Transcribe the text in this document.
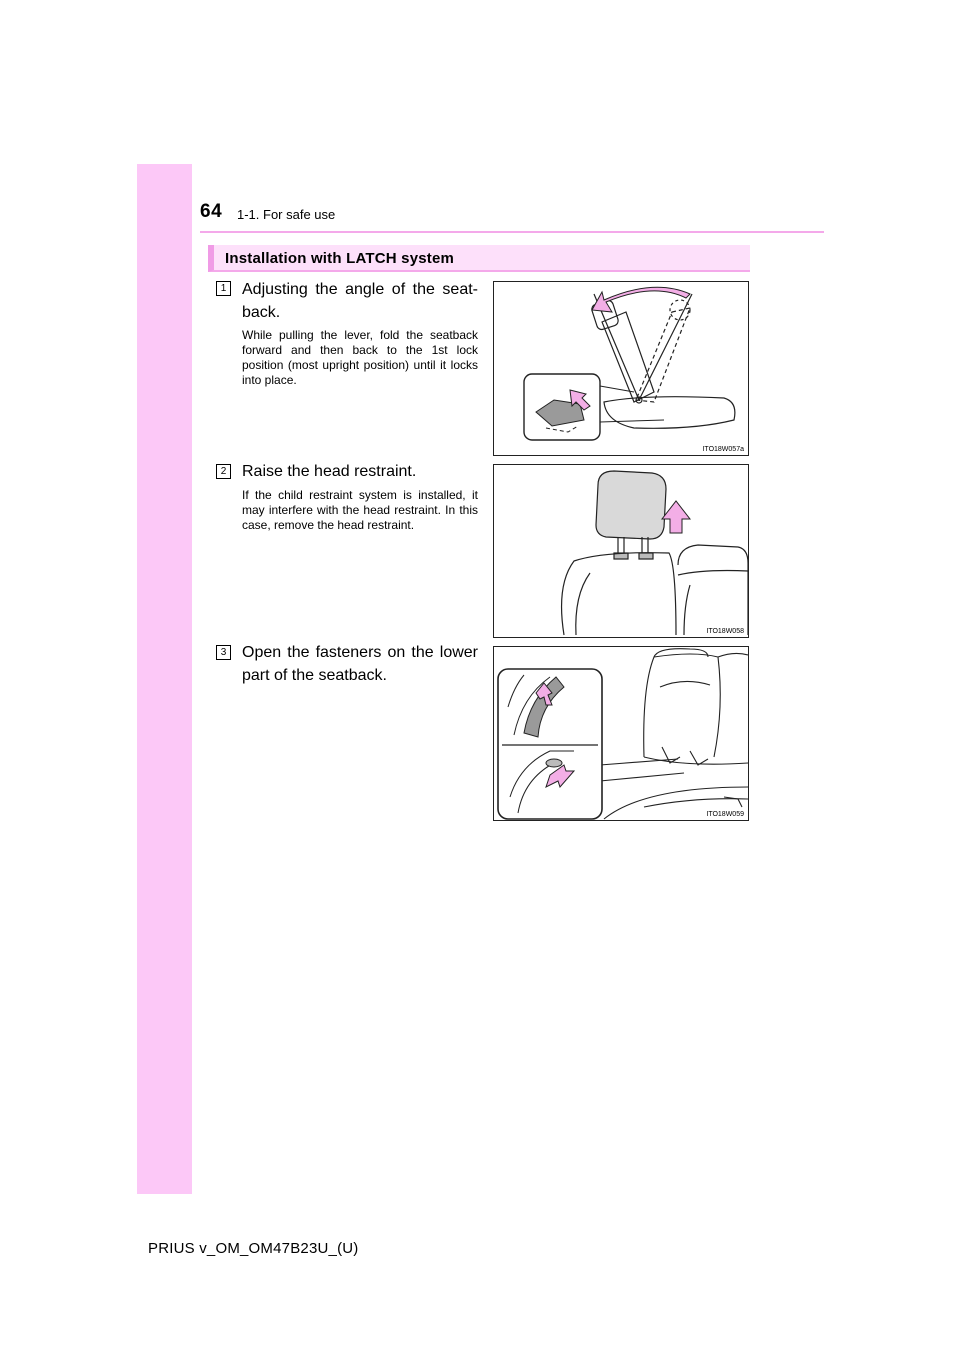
64 1-1. For safe use
Installation with LATCH system
1 Adjusting the angle of the seat-back.
While pulling the lever, fold the seatback forward and then back to the 1st lock position (most upright position) until it locks into place.
ITO18W057a
2 Raise the head restraint.
If the child restraint system is installed, it may interfere with the head restraint. In this case, remove the head restraint.
ITO18W058
3 Open the fasteners on the lower part of the seatback.
ITO18W059
PRIUS v_OM_OM47B23U_(U)
